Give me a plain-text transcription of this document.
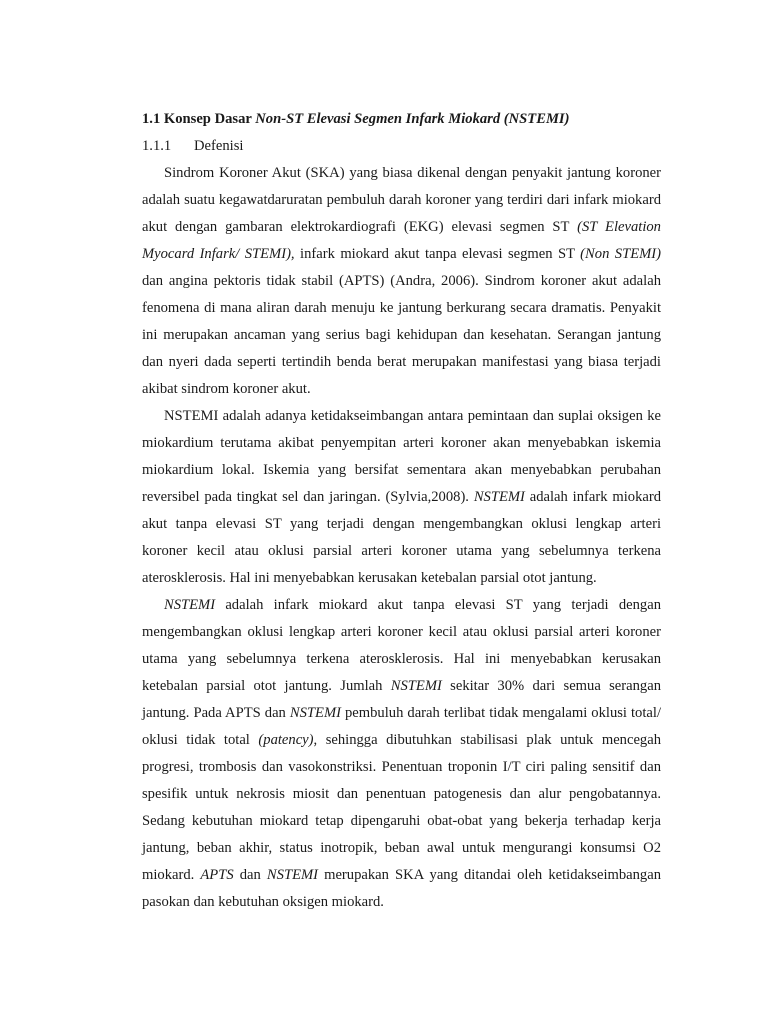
1.1 Konsep Dasar Non-ST Elevasi Segmen Infark Miokard (NSTEMI)

1.1.1 Defenisi

Sindrom Koroner Akut (SKA) yang biasa dikenal dengan penyakit jantung koroner adalah suatu kegawatdaruratan pembuluh darah koroner yang terdiri dari infark miokard akut dengan gambaran elektrokardiografi (EKG) elevasi segmen ST (ST Elevation Myocard Infark/ STEMI), infark miokard akut tanpa elevasi segmen ST (Non STEMI) dan angina pektoris tidak stabil (APTS) (Andra, 2006). Sindrom koroner akut adalah fenomena di mana aliran darah menuju ke jantung berkurang secara dramatis. Penyakit ini merupakan ancaman yang serius bagi kehidupan dan kesehatan. Serangan jantung dan nyeri dada seperti tertindih benda berat merupakan manifestasi yang biasa terjadi akibat sindrom koroner akut.

NSTEMI adalah adanya ketidakseimbangan antara pemintaan dan suplai oksigen ke miokardium terutama akibat penyempitan arteri koroner akan menyebabkan iskemia miokardium lokal. Iskemia yang bersifat sementara akan menyebabkan perubahan reversibel pada tingkat sel dan jaringan. (Sylvia,2008). NSTEMI adalah infark miokard akut tanpa elevasi ST yang terjadi dengan mengembangkan oklusi lengkap arteri koroner kecil atau oklusi parsial arteri koroner utama yang sebelumnya terkena aterosklerosis. Hal ini menyebabkan kerusakan ketebalan parsial otot jantung.

NSTEMI adalah infark miokard akut tanpa elevasi ST yang terjadi dengan mengembangkan oklusi lengkap arteri koroner kecil atau oklusi parsial arteri koroner utama yang sebelumnya terkena aterosklerosis. Hal ini menyebabkan kerusakan ketebalan parsial otot jantung. Jumlah NSTEMI sekitar 30% dari semua serangan jantung. Pada APTS dan NSTEMI pembuluh darah terlibat tidak mengalami oklusi total/ oklusi tidak total (patency), sehingga dibutuhkan stabilisasi plak untuk mencegah progresi, trombosis dan vasokonstriksi. Penentuan troponin I/T ciri paling sensitif dan spesifik untuk nekrosis miosit dan penentuan patogenesis dan alur pengobatannya. Sedang kebutuhan miokard tetap dipengaruhi obat-obat yang bekerja terhadap kerja jantung, beban akhir, status inotropik, beban awal untuk mengurangi konsumsi O2 miokard. APTS dan NSTEMI merupakan SKA yang ditandai oleh ketidakseimbangan pasokan dan kebutuhan oksigen miokard.
